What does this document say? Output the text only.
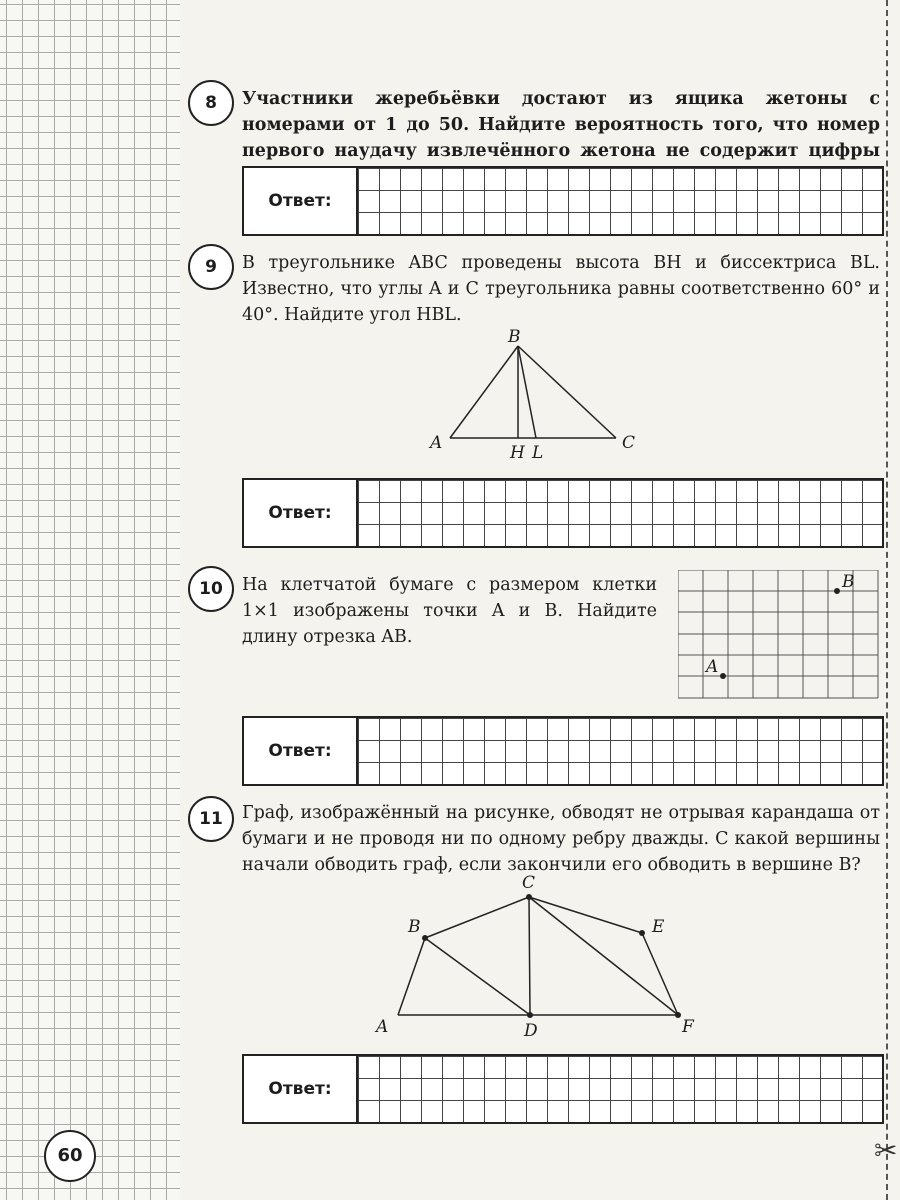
✂
8	Участники жеребьёвки достают из ящика жетоны с номерами от 1 до 50. Найдите вероятность того, что номер первого наудачу извлечённого жетона не содержит цифры
Ответ:
9	В треугольнике ABC проведены высота BH и биссектриса BL. Известно, что углы A и C треугольника равны соответственно 60° и 40°. Найдите угол HBL.
B
A	C
H L
Ответ:
10	На клетчатой бумаге с размером клетки 1×1 изображены точки A и B. Найдите длину отрезка AB.
A
B
Ответ:
11	Граф, изображённый на рисунке, обводят не отрывая карандаша от бумаги и не проводя ни по одному ребру дважды. С какой вершины начали обводить граф, если закончили его обводить в вершине B?
A
B
C
D
E
F
Ответ:
60
